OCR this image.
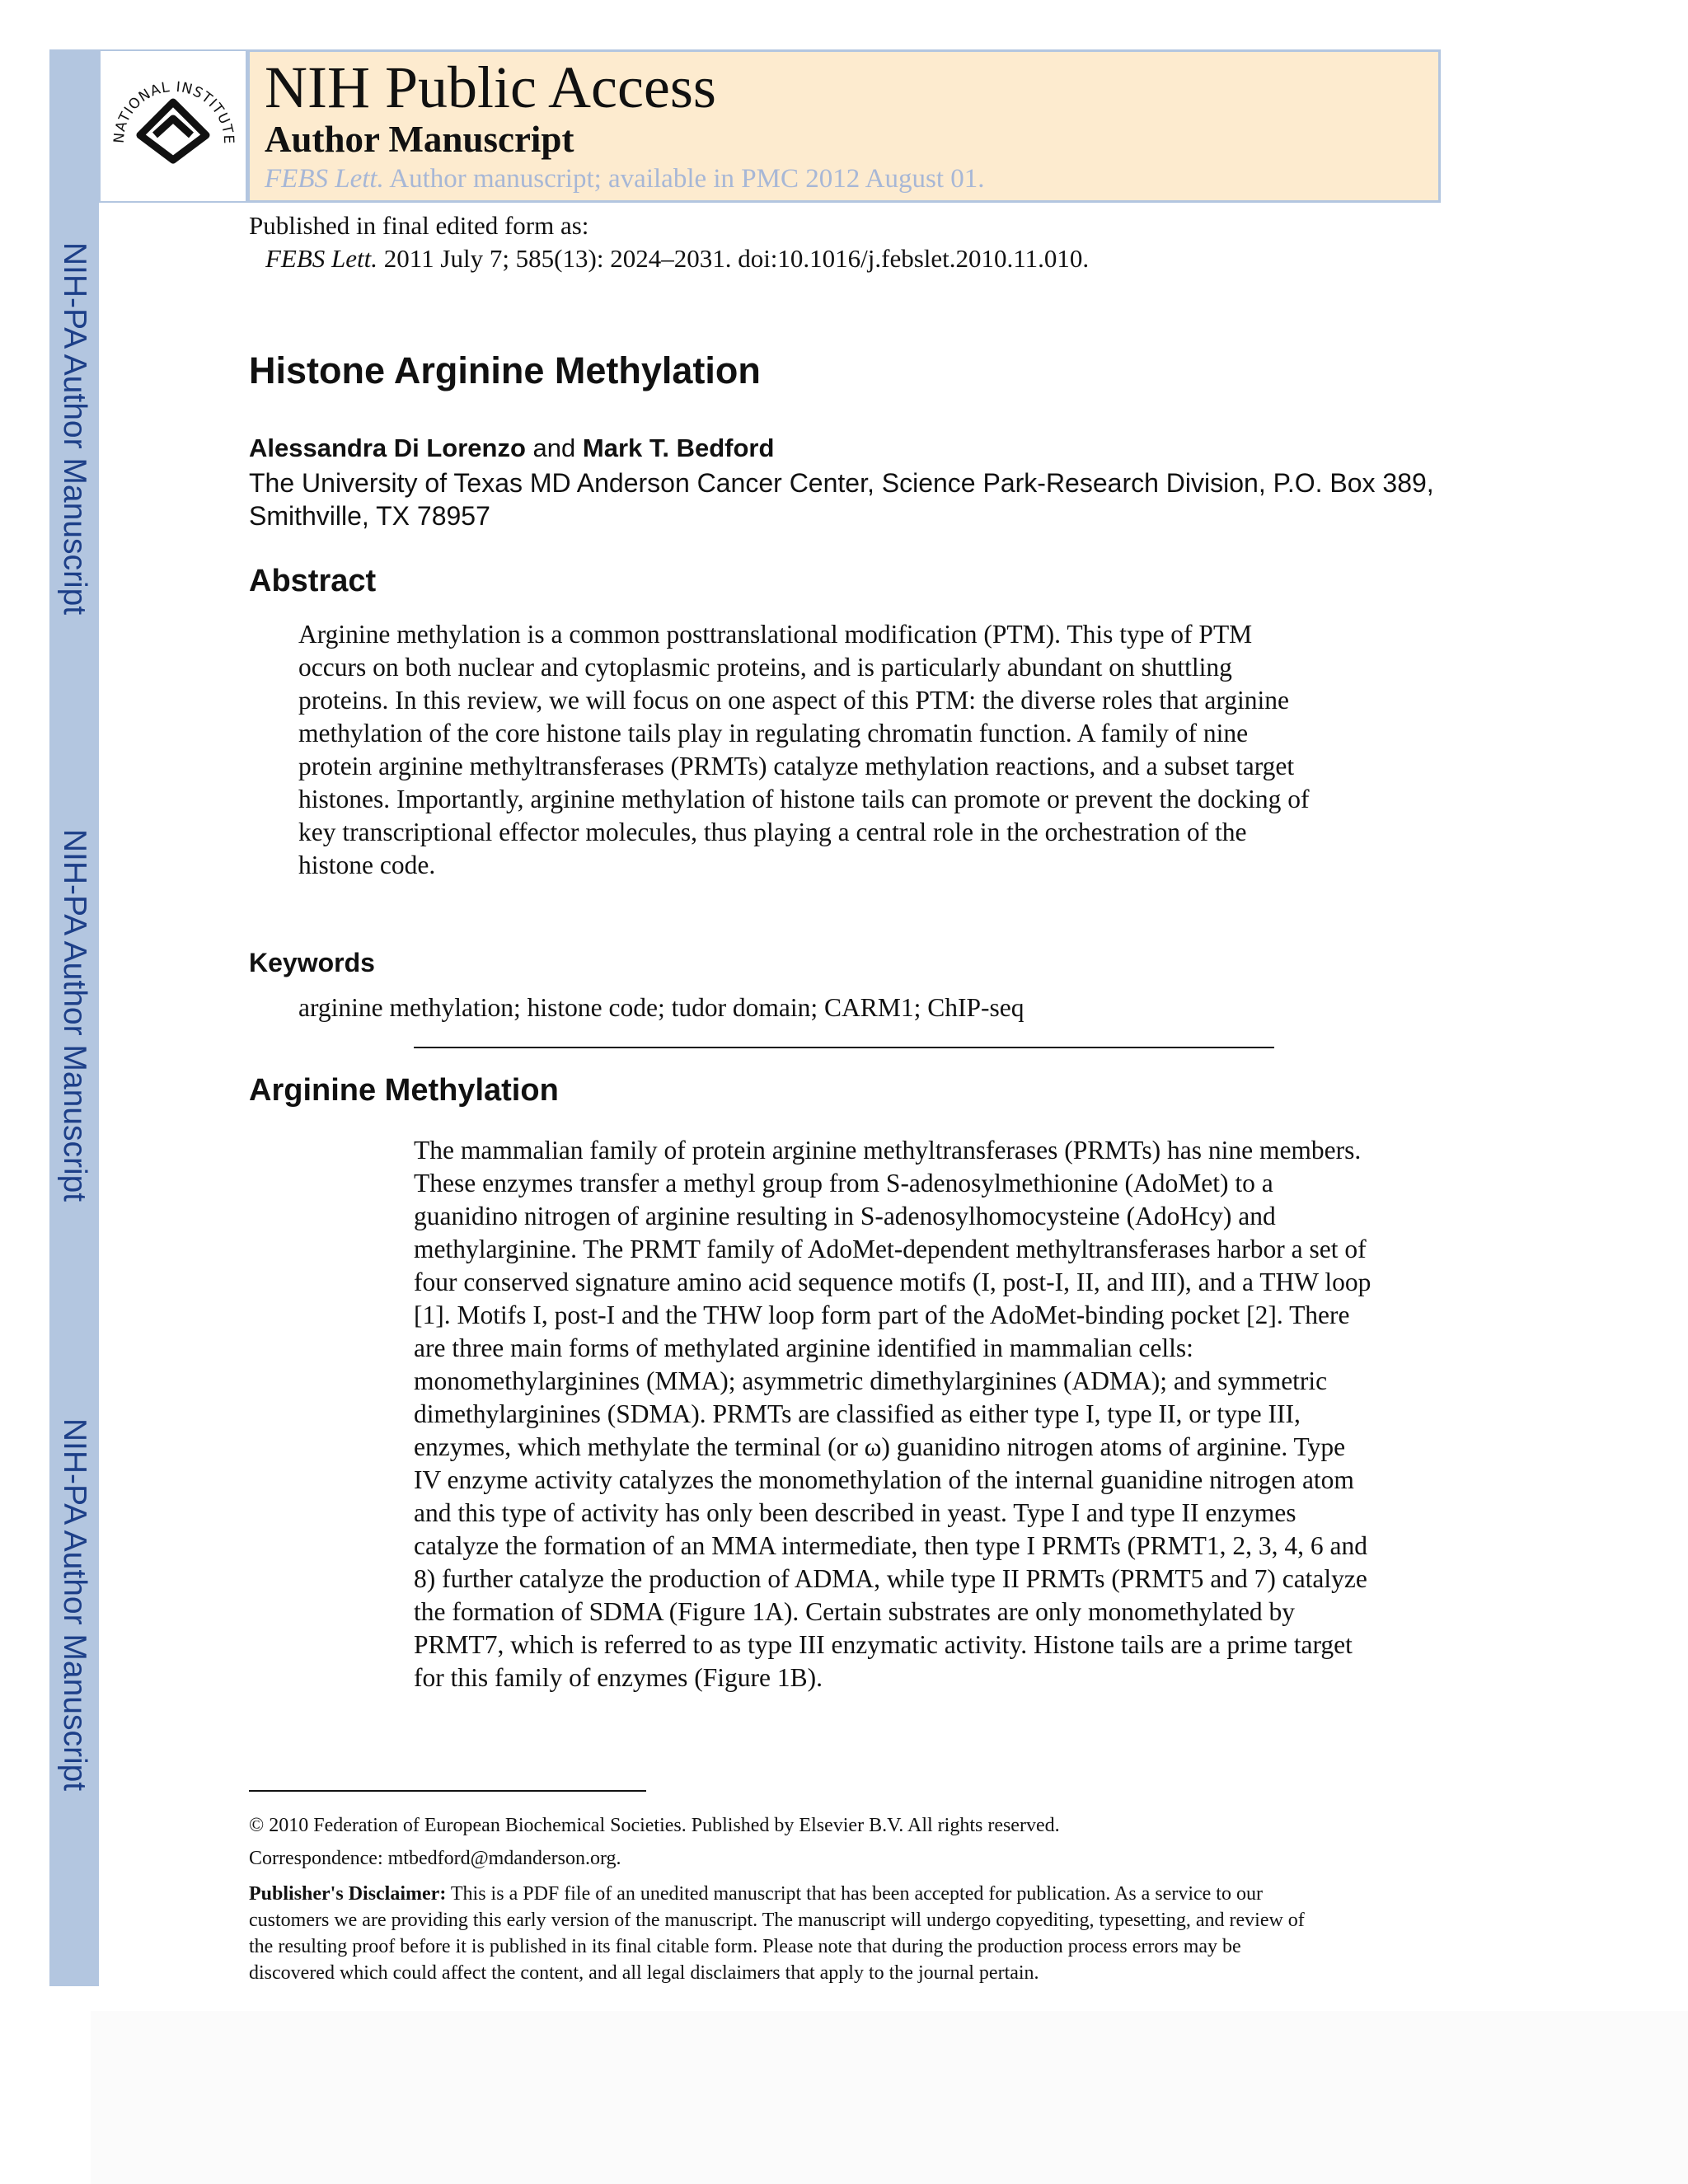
NIH-PA Author Manuscript
NIH-PA Author Manuscript
NIH-PA Author Manuscript
NATIONAL INSTITUTE
NIH Public Access
Author Manuscript
FEBS Lett. Author manuscript; available in PMC 2012 August 01.
Published in final edited form as:
FEBS Lett. 2011 July 7; 585(13): 2024–2031. doi:10.1016/j.febslet.2010.11.010.
Histone Arginine Methylation
Alessandra Di Lorenzo and Mark T. Bedford
The University of Texas MD Anderson Cancer Center, Science Park-Research Division, P.O. Box 389, Smithville, TX 78957
Abstract
Arginine methylation is a common posttranslational modification (PTM). This type of PTM
occurs on both nuclear and cytoplasmic proteins, and is particularly abundant on shuttling
proteins. In this review, we will focus on one aspect of this PTM: the diverse roles that arginine
methylation of the core histone tails play in regulating chromatin function. A family of nine
protein arginine methyltransferases (PRMTs) catalyze methylation reactions, and a subset target
histones. Importantly, arginine methylation of histone tails can promote or prevent the docking of
key transcriptional effector molecules, thus playing a central role in the orchestration of the
histone code.
Keywords
arginine methylation; histone code; tudor domain; CARM1; ChIP-seq
Arginine Methylation
The mammalian family of protein arginine methyltransferases (PRMTs) has nine members.
These enzymes transfer a methyl group from S-adenosylmethionine (AdoMet) to a
guanidino nitrogen of arginine resulting in S-adenosylhomocysteine (AdoHcy) and
methylarginine. The PRMT family of AdoMet-dependent methyltransferases harbor a set of
four conserved signature amino acid sequence motifs (I, post-I, II, and III), and a THW loop
[1]. Motifs I, post-I and the THW loop form part of the AdoMet-binding pocket [2]. There
are three main forms of methylated arginine identified in mammalian cells:
monomethylarginines (MMA); asymmetric dimethylarginines (ADMA); and symmetric
dimethylarginines (SDMA). PRMTs are classified as either type I, type II, or type III,
enzymes, which methylate the terminal (or ω) guanidino nitrogen atoms of arginine. Type
IV enzyme activity catalyzes the monomethylation of the internal guanidine nitrogen atom
and this type of activity has only been described in yeast. Type I and type II enzymes
catalyze the formation of an MMA intermediate, then type I PRMTs (PRMT1, 2, 3, 4, 6 and
8) further catalyze the production of ADMA, while type II PRMTs (PRMT5 and 7) catalyze
the formation of SDMA (Figure 1A). Certain substrates are only monomethylated by
PRMT7, which is referred to as type III enzymatic activity. Histone tails are a prime target
for this family of enzymes (Figure 1B).
© 2010 Federation of European Biochemical Societies. Published by Elsevier B.V. All rights reserved.
Correspondence: mtbedford@mdanderson.org.
Publisher's Disclaimer: This is a PDF file of an unedited manuscript that has been accepted for publication. As a service to our
customers we are providing this early version of the manuscript. The manuscript will undergo copyediting, typesetting, and review of
the resulting proof before it is published in its final citable form. Please note that during the production process errors may be
discovered which could affect the content, and all legal disclaimers that apply to the journal pertain.
